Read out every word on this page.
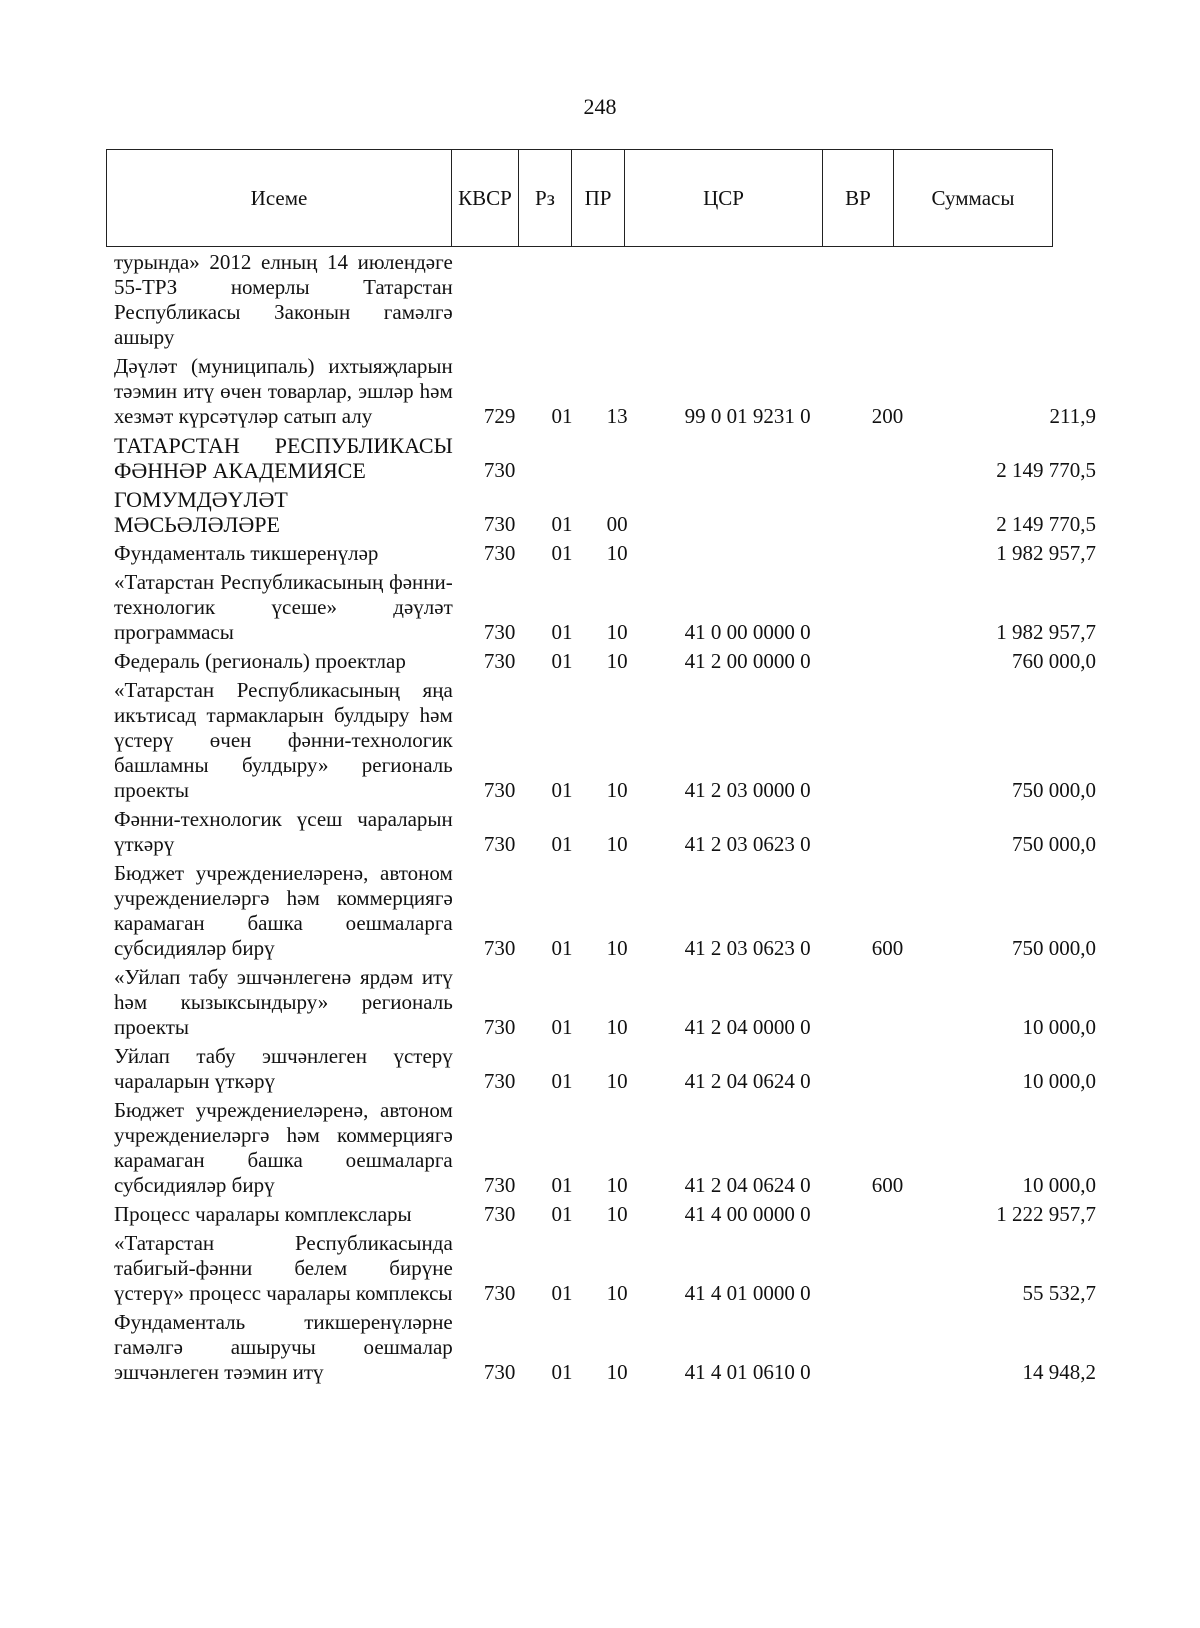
248
Исеме	КВСР	Рз	ПР	ЦСР	ВР	Суммасы
турында» 2012 елның 14 июлендәге 55-ТРЗ номерлы Татарстан Республикасы Законын гамәлгә ашыру						
Дәүләт (муниципаль) ихтыяҗларын тәэмин итү өчен товарлар, эшләр һәм хезмәт күрсәтүләр сатып алу	729	01	13	99 0 01 9231 0	200	211,9
ТАТАРСТАН РЕСПУБЛИКАСЫ ФӘННӘР АКАДЕМИЯСЕ	730					2 149 770,5
ГОМУМДӘҮЛӘТ МӘСЬӘЛӘЛӘРЕ	730	01	00			2 149 770,5
Фундаменталь тикшеренүләр	730	01	10			1 982 957,7
«Татарстан Республикасының фәнни-технологик үсеше» дәүләт программасы	730	01	10	41 0 00 0000 0		1 982 957,7
Федераль (региональ) проектлар	730	01	10	41 2 00 0000 0		760 000,0
«Татарстан Республикасының яңа икътисад тармакларын булдыру һәм үстерү өчен фәнни-технологик башламны булдыру» региональ проекты	730	01	10	41 2 03 0000 0		750 000,0
Фәнни-технологик үсеш чараларын үткәрү	730	01	10	41 2 03 0623 0		750 000,0
Бюджет учреждениеләренә, автоном учреждениеләргә һәм коммерциягә карамаган башка оешмаларга субсидияләр бирү	730	01	10	41 2 03 0623 0	600	750 000,0
«Уйлап табу эшчәнлегенә ярдәм итү һәм кызыксындыру» региональ проекты	730	01	10	41 2 04 0000 0		10 000,0
Уйлап табу эшчәнлеген үстерү чараларын үткәрү	730	01	10	41 2 04 0624 0		10 000,0
Бюджет учреждениеләренә, автоном учреждениеләргә һәм коммерциягә карамаган башка оешмаларга субсидияләр бирү	730	01	10	41 2 04 0624 0	600	10 000,0
Процесс чаралары комплекслары	730	01	10	41 4 00 0000 0		1 222 957,7
«Татарстан Республикасында табигый-фәнни белем бирүне үстерү» процесс чаралары комплексы	730	01	10	41 4 01 0000 0		55 532,7
Фундаменталь тикшеренүләрне гамәлгә ашыручы оешмалар эшчәнлеген тәэмин итү	730	01	10	41 4 01 0610 0		14 948,2
